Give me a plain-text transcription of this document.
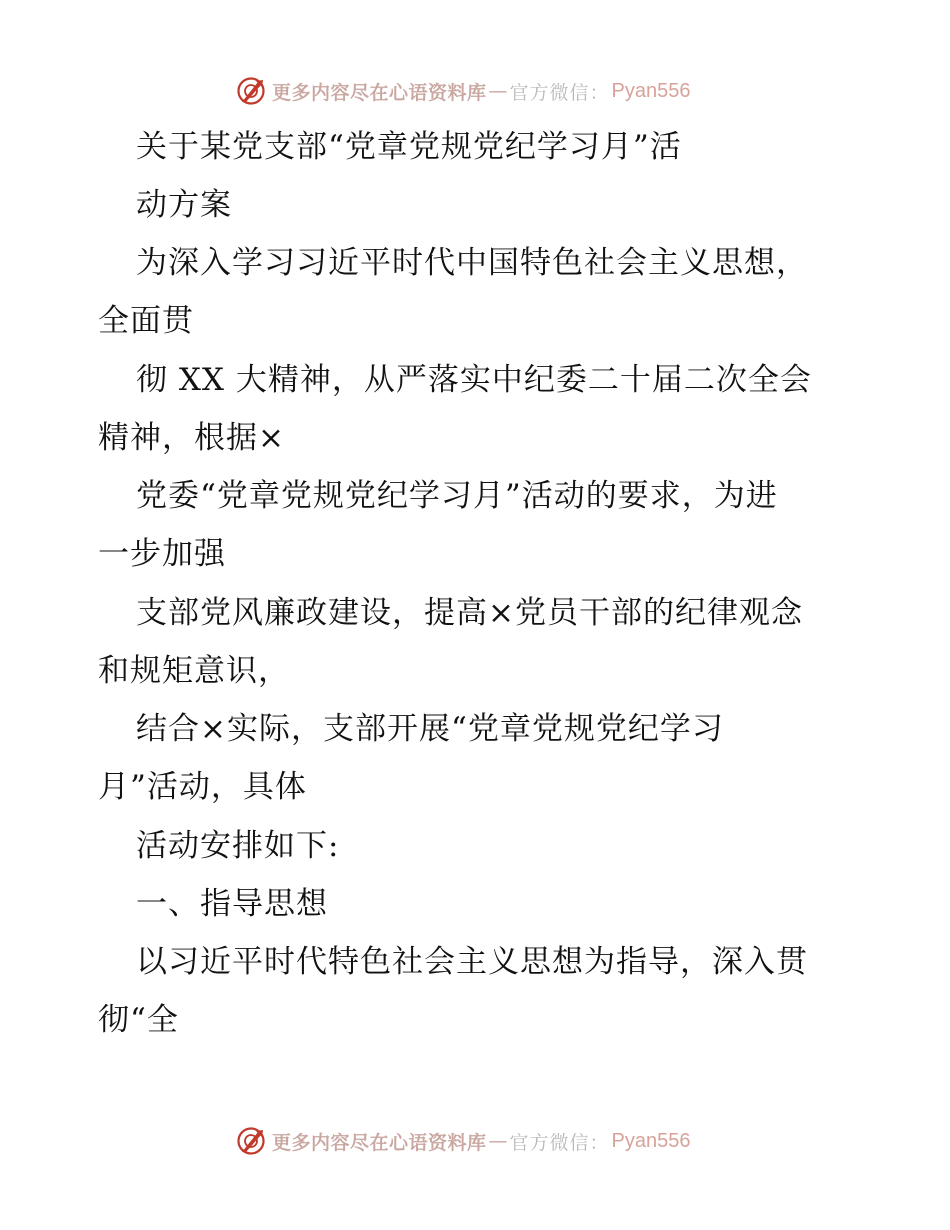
更多内容尽在心语资料库 — 官方微信： Pyan556
关于某党支部“党章党规党纪学习月”活
动方案
为深入学习习近平时代中国特色社会主义思想，
全面贯
彻 XX 大精神，从严落实中纪委二十届二次全会
精神，根据×
党委“党章党规党纪学习月”活动的要求，为进
一步加强
支部党风廉政建设，提高×党员干部的纪律观念
和规矩意识，
结合×实际，支部开展“党章党规党纪学习
月”活动，具体
活动安排如下:
一、指导思想
以习近平时代特色社会主义思想为指导，深入贯
彻“全
更多内容尽在心语资料库 — 官方微信： Pyan556
